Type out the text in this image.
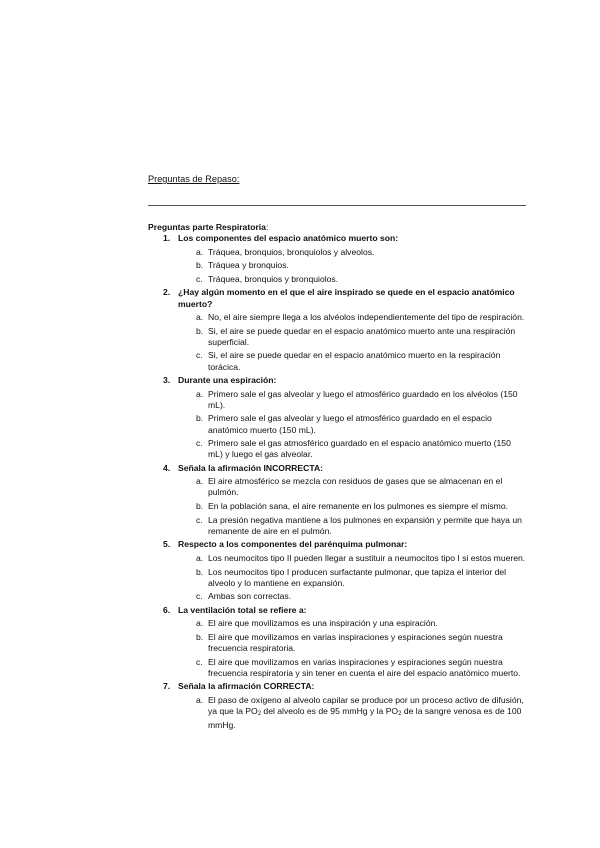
Preguntas de Repaso:

Preguntas parte Respiratoria:

1. Los componentes del espacio anatómico muerto son:
a. Tráquea, bronquios, bronquiolos y alveolos.
b. Tráquea y bronquios.
c. Tráquea, bronquios y bronquiolos.
2. ¿Hay algún momento en el que el aire inspirado se quede en el espacio anatómico muerto?
a. No, el aire siempre llega a los alvéolos independientemente del tipo de respiración.
b. Si, el aire se puede quedar en el espacio anatómico muerto ante una respiración superficial.
c. Si, el aire se puede quedar en el espacio anatómico muerto en la respiración torácica.
3. Durante una espiración:
a. Primero sale el gas alveolar y luego el atmosférico guardado en los alvéolos (150 mL).
b. Primero sale el gas alveolar y luego el atmosférico guardado en el espacio anatómico muerto (150 mL).
c. Primero sale el gas atmosférico guardado en el espacio anatómico muerto (150 mL) y luego el gas alveolar.
4. Señala la afirmación INCORRECTA:
a. El aire atmosférico se mezcla con residuos de gases que se almacenan en el pulmón.
b. En la población sana, el aire remanente en los pulmones es siempre el mismo.
c. La presión negativa mantiene a los pulmones en expansión y permite que haya un remanente de aire en el pulmón.
5. Respecto a los componentes del parénquima pulmonar:
a. Los neumocitos tipo II pueden llegar a sustituir a neumocitos tipo I si estos mueren.
b. Los neumocitos tipo I producen surfactante pulmonar, que tapiza el interior del alveolo y lo mantiene en expansión.
c. Ambas son correctas.
6. La ventilación total se refiere a:
a. El aire que movilizamos es una inspiración y una espiración.
b. El aire que movilizamos en varias inspiraciones y espiraciones según nuestra frecuencia respiratoria.
c. El aire que movilizamos en varias inspiraciones y espiraciones según nuestra frecuencia respiratoria y sin tener en cuenta el aire del espacio anatómico muerto.
7. Señala la afirmación CORRECTA:
a. El paso de oxígeno al alveolo capilar se produce por un proceso activo de difusión, ya que la $PO_2$ del alveolo es de 95 mmHg y la $PO_2$ de la sangre venosa es de 100 mmHg.
